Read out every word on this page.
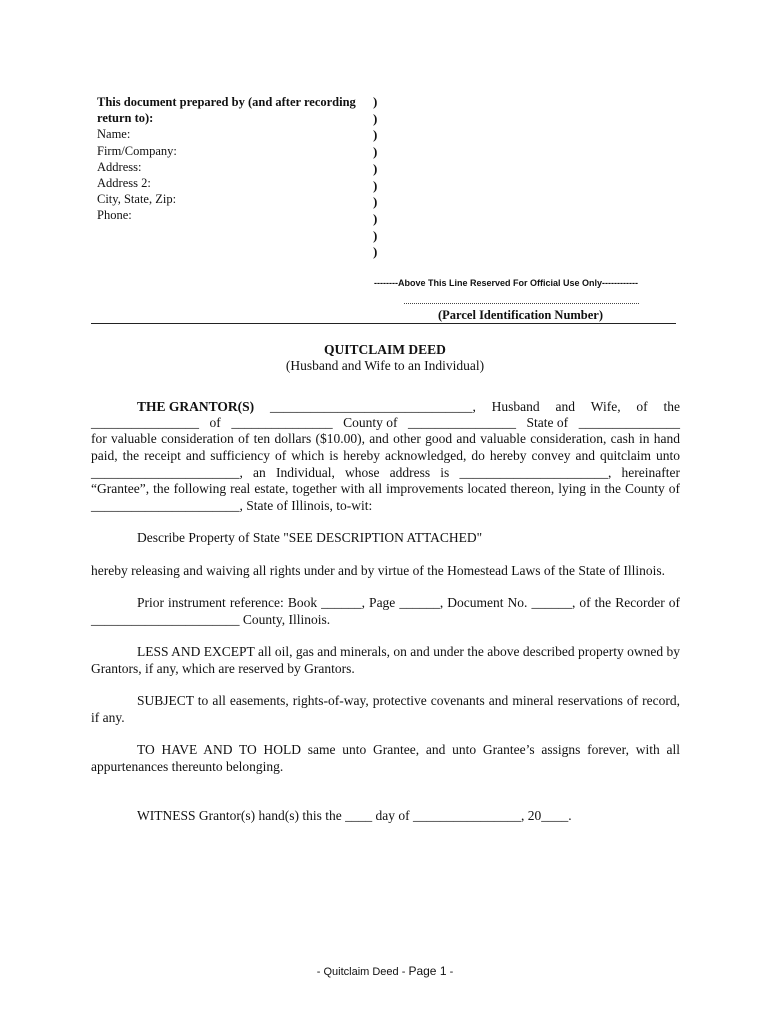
This document prepared by (and after recording
return to):
Name:
Firm/Company:
Address:
Address 2:
City, State, Zip:
Phone:
)
)
)
)
)
)
)
)
)
)
--------Above This Line Reserved For Official Use Only------------
(Parcel Identification Number)
QUITCLAIM DEED
(Husband and Wife to an Individual)
THE GRANTOR(S) ______________________________, Husband and Wife, of the
________________ of _______________ County of ________________ State of _______________
for valuable consideration of ten dollars ($10.00), and other good and valuable consideration, cash in hand paid, the receipt and sufficiency of which is hereby acknowledged, do hereby convey and quitclaim unto ______________________, an Individual, whose address is ______________________, hereinafter “Grantee”, the following real estate, together with all improvements located thereon, lying in the County of ______________________, State of Illinois, to-wit:
Describe Property of State "SEE DESCRIPTION ATTACHED"
hereby releasing and waiving all rights under and by virtue of the Homestead Laws of the State of Illinois.
Prior instrument reference: Book ______, Page ______, Document No. ______, of the Recorder of ______________________ County, Illinois.
LESS AND EXCEPT all oil, gas and minerals, on and under the above described property owned by Grantors, if any, which are reserved by Grantors.
SUBJECT to all easements, rights-of-way, protective covenants and mineral reservations of record, if any.
TO HAVE AND TO HOLD same unto Grantee, and unto Grantee’s assigns forever, with all appurtenances thereunto belonging.
WITNESS Grantor(s) hand(s) this the ____ day of ________________, 20____.
- Quitclaim Deed - Page 1 -
